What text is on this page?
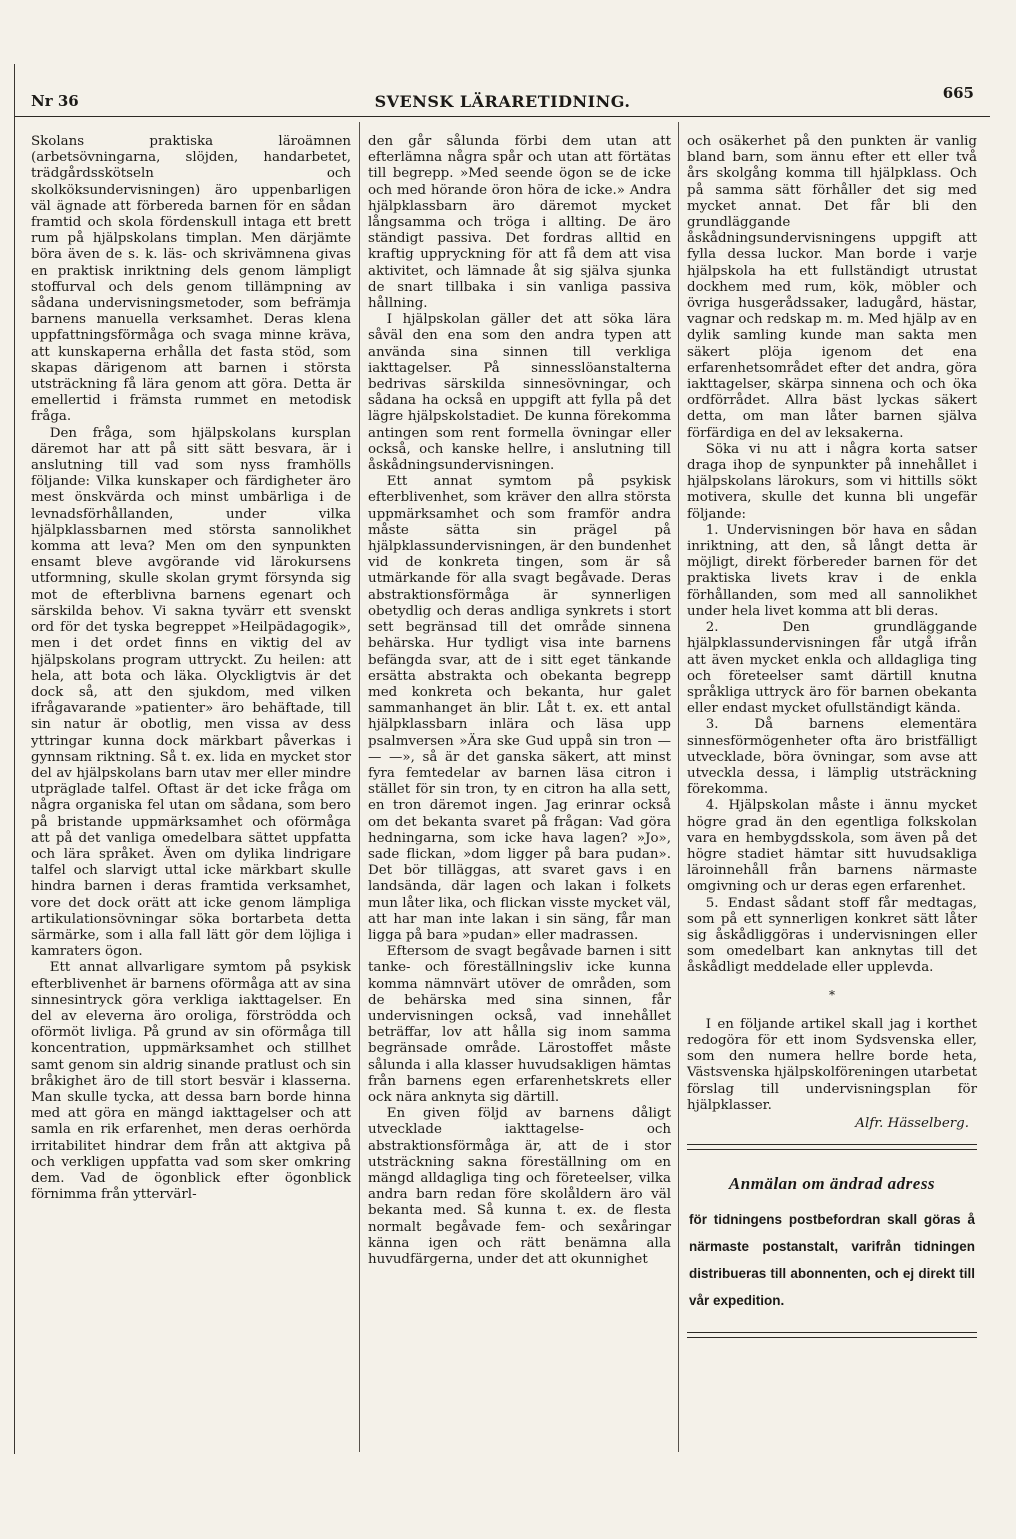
Nr 36	SVENSK LÄRARETIDNING.	665

Skolans praktiska läroämnen (arbetsövningarna, slöjden, handarbetet, trädgårdsskötseln och skolköksundervisningen) äro uppenbarligen väl ägnade att förbereda barnen för en sådan framtid och skola fördenskull intaga ett brett rum på hjälpskolans timplan. Men därjämte böra även de s. k. läs- och skrivämnena givas en praktisk inriktning dels genom lämpligt stoffurval och dels genom tillämpning av sådana undervisningsmetoder, som befrämja barnens manuella verksamhet. Deras klena uppfattningsförmåga och svaga minne kräva, att kunskaperna erhålla det fasta stöd, som skapas därigenom att barnen i största utsträckning få lära genom att göra. Detta är emellertid i främsta rummet en metodisk fråga.

Den fråga, som hjälpskolans kursplan däremot har att på sitt sätt besvara, är i anslutning till vad som nyss framhölls följande: Vilka kunskaper och färdigheter äro mest önskvärda och minst umbärliga i de levnadsförhållanden, under vilka hjälpklassbarnen med största sannolikhet komma att leva? Men om den synpunkten ensamt bleve avgörande vid lärokursens utformning, skulle skolan grymt försynda sig mot de efterblivna barnens egenart och särskilda behov. Vi sakna tyvärr ett svenskt ord för det tyska begreppet »Heilpädagogik», men i det ordet finns en viktig del av hjälpskolans program uttryckt. Zu heilen: att hela, att bota och läka. Olyckligtvis är det dock så, att den sjukdom, med vilken ifrågavarande »patienter» äro behäftade, till sin natur är obotlig, men vissa av dess yttringar kunna dock märkbart påverkas i gynnsam riktning. Så t. ex. lida en mycket stor del av hjälpskolans barn utav mer eller mindre utpräglade talfel. Oftast är det icke fråga om några organiska fel utan om sådana, som bero på bristande uppmärksamhet och oförmåga att på det vanliga omedelbara sättet uppfatta och lära språket. Även om dylika lindrigare talfel och slarvigt uttal icke märkbart skulle hindra barnen i deras framtida verksamhet, vore det dock orätt att icke genom lämpliga artikulationsövningar söka bortarbeta detta särmärke, som i alla fall lätt gör dem löjliga i kamraters ögon.

Ett annat allvarligare symtom på psykisk efterblivenhet är barnens oförmåga att av sina sinnesintryck göra verkliga iakttagelser. En del av eleverna äro oroliga, förströdda och oförmöt livliga. På grund av sin oförmåga till koncentration, uppmärksamhet och stillhet samt genom sin aldrig sinande pratlust och sin bråkighet äro de till stort besvär i klasserna. Man skulle tycka, att dessa barn borde hinna med att göra en mängd iakttagelser och att samla en rik erfarenhet, men deras oerhörda irritabilitet hindrar dem från att aktgiva på och verkligen uppfatta vad som sker omkring dem. Vad de ögonblick efter ögonblick förnimma från yttervärl-

den går sålunda förbi dem utan att efterlämna några spår och utan att förtätas till begrepp. »Med seende ögon se de icke och med hörande öron höra de icke.» Andra hjälpklassbarn äro däremot mycket långsamma och tröga i allting. De äro ständigt passiva. Det fordras alltid en kraftig uppryckning för att få dem att visa aktivitet, och lämnade åt sig själva sjunka de snart tillbaka i sin vanliga passiva hållning.

I hjälpskolan gäller det att söka lära såväl den ena som den andra typen att använda sina sinnen till verkliga iakttagelser. På sinnesslöanstalterna bedrivas särskilda sinnesövningar, och sådana ha också en uppgift att fylla på det lägre hjälpskolstadiet. De kunna förekomma antingen som rent formella övningar eller också, och kanske hellre, i anslutning till åskådningsundervisningen.

Ett annat symtom på psykisk efterblivenhet, som kräver den allra största uppmärksamhet och som framför andra måste sätta sin prägel på hjälpklassundervisningen, är den bundenhet vid de konkreta tingen, som är så utmärkande för alla svagt begåvade. Deras abstraktionsförmåga är synnerligen obetydlig och deras andliga synkrets i stort sett begränsad till det område sinnena behärska. Hur tydligt visa inte barnens befängda svar, att de i sitt eget tänkande ersätta abstrakta och obekanta begrepp med konkreta och bekanta, hur galet sammanhanget än blir. Låt t. ex. ett antal hjälpklassbarn inlära och läsa upp psalmversen »Ära ske Gud uppå sin tron — — —», så är det ganska säkert, att minst fyra femtedelar av barnen läsa citron i stället för sin tron, ty en citron ha alla sett, en tron däremot ingen. Jag erinrar också om det bekanta svaret på frågan: Vad göra hedningarna, som icke hava lagen? »Jo», sade flickan, »dom ligger på bara pudan». Det bör tilläggas, att svaret gavs i en landsända, där lagen och lakan i folkets mun låter lika, och flickan visste mycket väl, att har man inte lakan i sin säng, får man ligga på bara »pudan» eller madrassen.

Eftersom de svagt begåvade barnen i sitt tanke- och föreställningsliv icke kunna komma nämnvärt utöver de områden, som de behärska med sina sinnen, får undervisningen också, vad innehållet beträffar, lov att hålla sig inom samma begränsade område. Lärostoffet måste sålunda i alla klasser huvudsakligen hämtas från barnens egen erfarenhetskrets eller ock nära anknyta sig därtill.

En given följd av barnens dåligt utvecklade iakttagelse- och abstraktionsförmåga är, att de i stor utsträckning sakna föreställning om en mängd alldagliga ting och företeelser, vilka andra barn redan före skolåldern äro väl bekanta med. Så kunna t. ex. de flesta normalt begåvade fem- och sexåringar känna igen och rätt benämna alla huvudfärgerna, under det att okunnighet

och osäkerhet på den punkten är vanlig bland barn, som ännu efter ett eller två års skolgång komma till hjälpklass. Och på samma sätt förhåller det sig med mycket annat. Det får bli den grundläggande åskådningsundervisningens uppgift att fylla dessa luckor. Man borde i varje hjälpskola ha ett fullständigt utrustat dockhem med rum, kök, möbler och övriga husgerådssaker, ladugård, hästar, vagnar och redskap m. m. Med hjälp av en dylik samling kunde man sakta men säkert plöja igenom det ena erfarenhetsområdet efter det andra, göra iakttagelser, skärpa sinnena och och öka ordförrådet. Allra bäst lyckas säkert detta, om man låter barnen själva förfärdiga en del av leksakerna.

Söka vi nu att i några korta satser draga ihop de synpunkter på innehållet i hjälpskolans lärokurs, som vi hittills sökt motivera, skulle det kunna bli ungefär följande:

1. Undervisningen bör hava en sådan inriktning, att den, så långt detta är möjligt, direkt förbereder barnen för det praktiska livets krav i de enkla förhållanden, som med all sannolikhet under hela livet komma att bli deras.

2. Den grundläggande hjälpklassundervisningen får utgå ifrån att även mycket enkla och alldagliga ting och företeelser samt därtill knutna språkliga uttryck äro för barnen obekanta eller endast mycket ofullständigt kända.

3. Då barnens elementära sinnesförmögenheter ofta äro bristfälligt utvecklade, böra övningar, som avse att utveckla dessa, i lämplig utsträckning förekomma.

4. Hjälpskolan måste i ännu mycket högre grad än den egentliga folkskolan vara en hembygdsskola, som även på det högre stadiet hämtar sitt huvudsakliga läroinnehåll från barnens närmaste omgivning och ur deras egen erfarenhet.

5. Endast sådant stoff får medtagas, som på ett synnerligen konkret sätt låter sig åskådliggöras i undervisningen eller som omedelbart kan anknytas till det åskådligt meddelade eller upplevda.

*

I en följande artikel skall jag i korthet redogöra för ett inom Sydsvenska eller, som den numera hellre borde heta, Västsvenska hjälpskolföreningen utarbetat förslag till undervisningsplan för hjälpklasser.

Alfr. Hässelberg.
Anmälan om ändrad adress
för tidningens postbefordran skall göras å närmaste postanstalt, varifrån tidningen distribueras till abonnenten, och ej direkt till vår expedition.
